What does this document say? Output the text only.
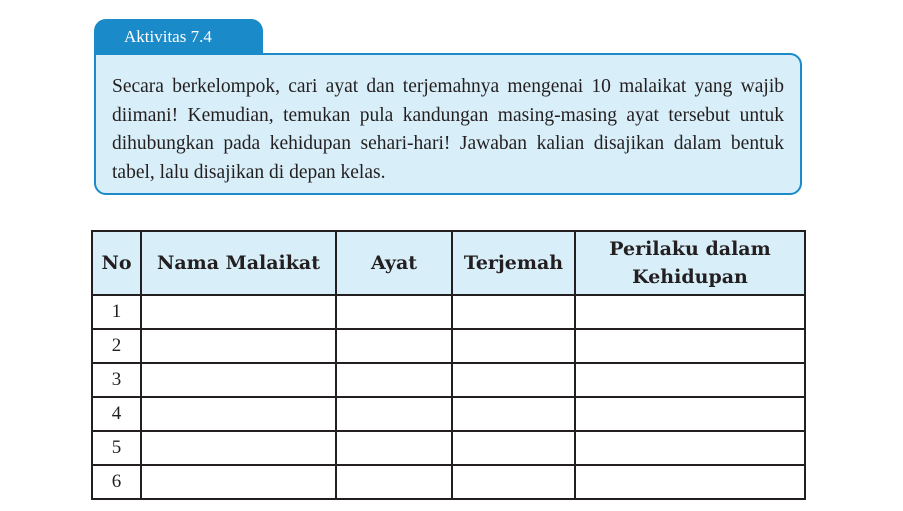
Aktivitas 7.4

Secara berkelompok, cari ayat dan terjemahnya mengenai 10 malaikat yang wajib diimani! Kemudian, temukan pula kandungan masing-masing ayat tersebut untuk dihubungkan pada kehidupan sehari-hari! Jawaban kalian disajikan dalam bentuk tabel, lalu disajikan di depan kelas.

No	Nama Malaikat	Ayat	Terjemah	Perilaku dalam Kehidupan
1				
2				
3				
4				
5				
6				
